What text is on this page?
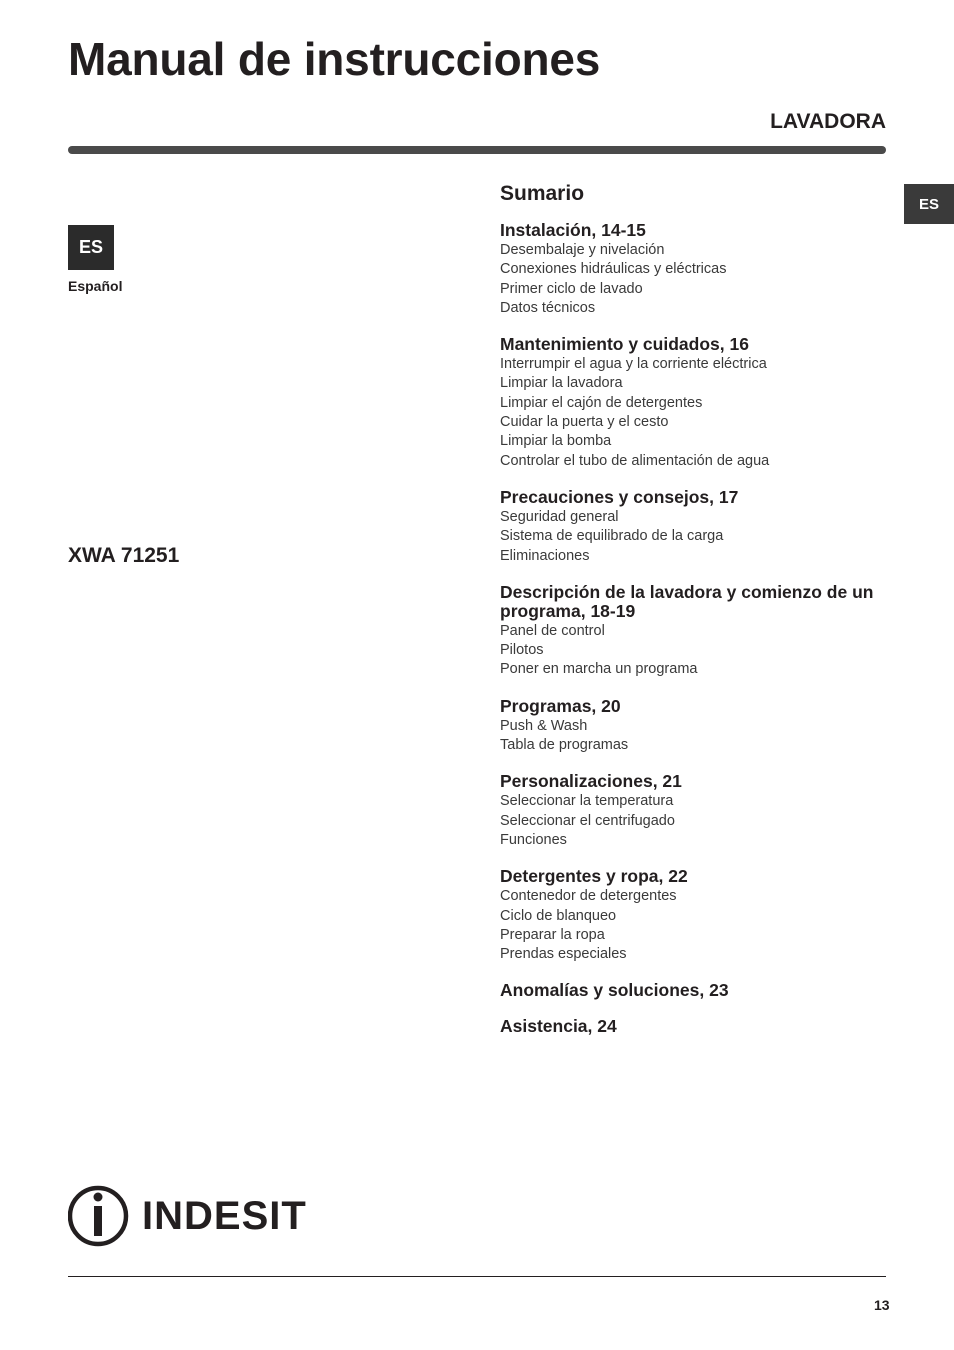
Manual de instrucciones
LAVADORA
ES
ES
Español
XWA 71251
Sumario
Instalación, 14-15
Desembalaje y nivelación
Conexiones hidráulicas y eléctricas
Primer ciclo de lavado
Datos técnicos
Mantenimiento y cuidados, 16
Interrumpir el agua y la corriente eléctrica
Limpiar la lavadora
Limpiar el cajón de detergentes
Cuidar la puerta y el cesto
Limpiar la bomba
Controlar el tubo de alimentación de agua
Precauciones y consejos, 17
Seguridad general
Sistema de equilibrado de la carga
Eliminaciones
Descripción de la lavadora y comienzo de un programa, 18-19
Panel de control
Pilotos
Poner en marcha un programa
Programas, 20
Push & Wash
Tabla de programas
Personalizaciones, 21
Seleccionar la temperatura
Seleccionar el centrifugado
Funciones
Detergentes y ropa, 22
Contenedor de detergentes
Ciclo de blanqueo
Preparar la ropa
Prendas especiales
Anomalías y soluciones, 23
Asistencia, 24
INDESIT
13
